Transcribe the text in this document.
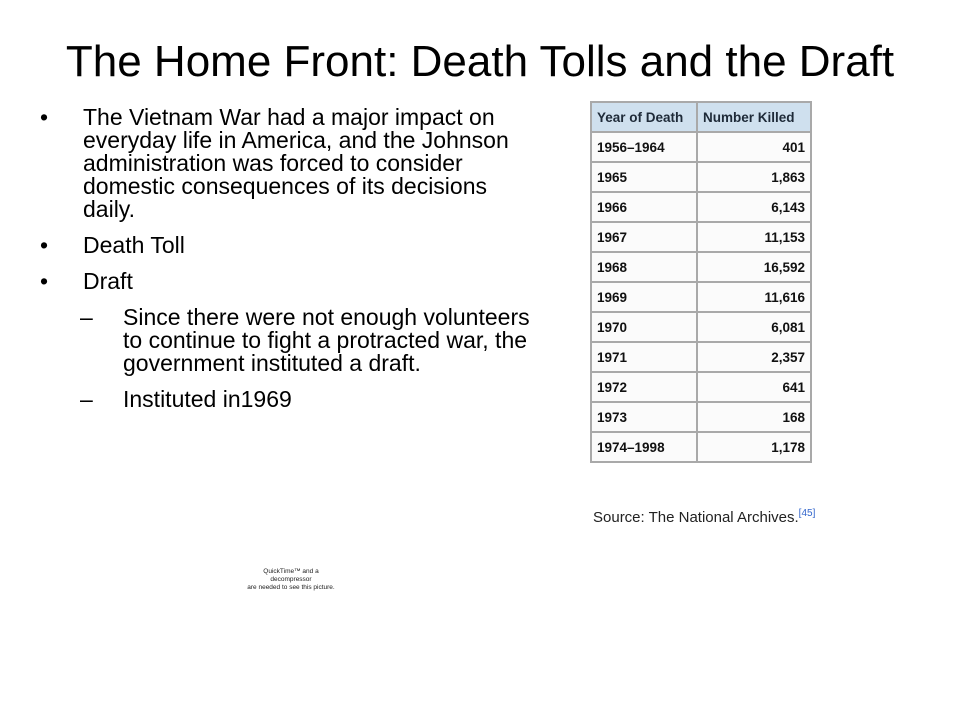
The Home Front: Death Tolls and the Draft
• The Vietnam War had a major impact on everyday life in America, and the Johnson administration was forced to consider domestic consequences of its decisions daily.
• Death Toll
• Draft
– Since there were not enough volunteers to continue to fight a protracted war, the government instituted a draft.
– Instituted in1969
Year of Death	Number Killed
1956–1964	401
1965	1,863
1966	6,143
1967	11,153
1968	16,592
1969	11,616
1970	6,081
1971	2,357
1972	641
1973	168
1974–1998	1,178
Source: The National Archives.[45]
QuickTime™ and a
decompressor
are needed to see this picture.
